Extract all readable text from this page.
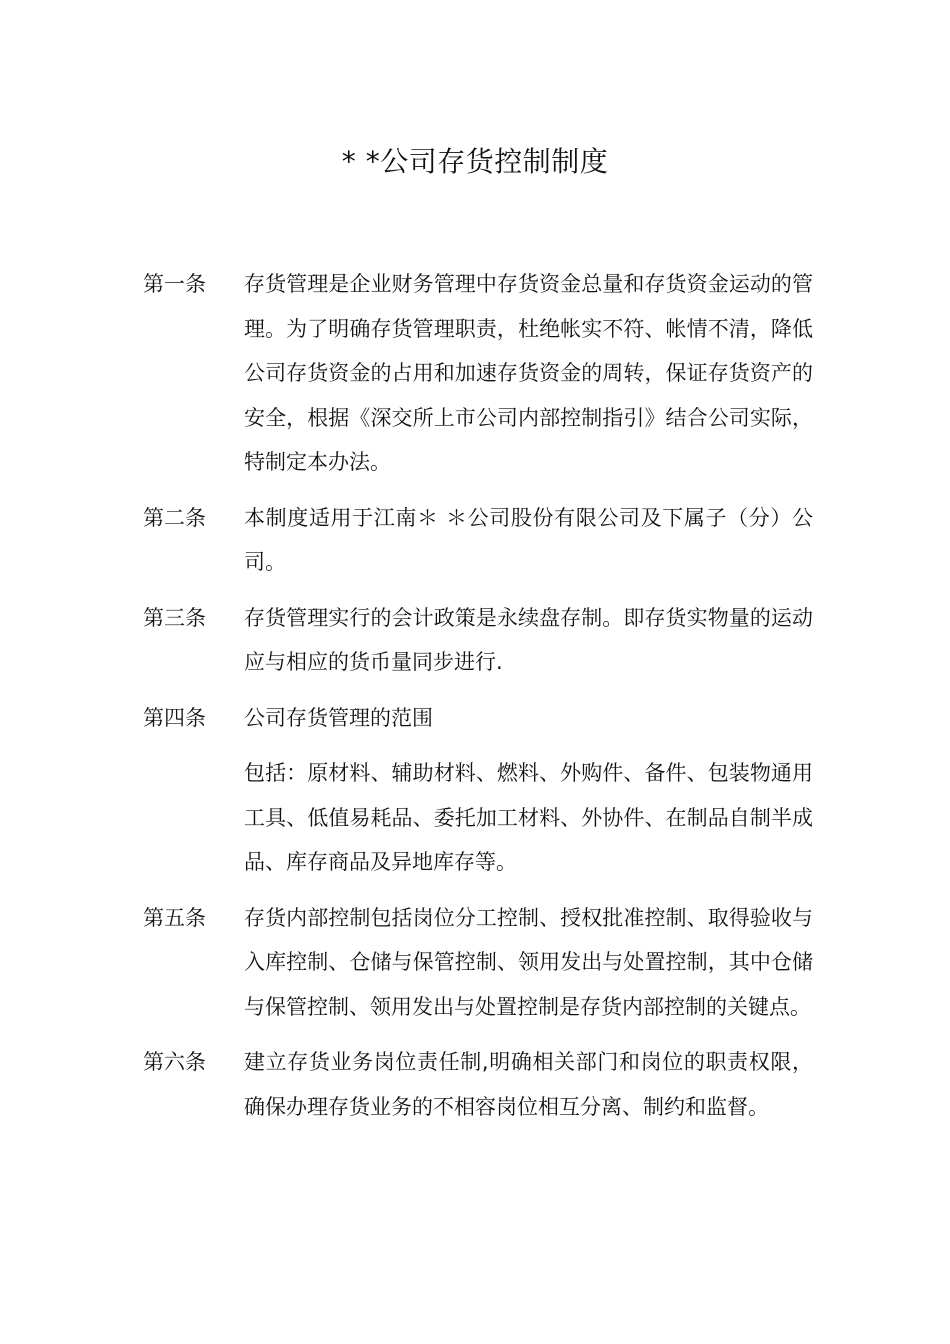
* *公司存货控制制度
第一条	存货管理是企业财务管理中存货资金总量和存货资金运动的管理。为了明确存货管理职责，杜绝帐实不符、帐情不清，降低公司存货资金的占用和加速存货资金的周转，保证存货资产的安全，根据《深交所上市公司内部控制指引》结合公司实际，特制定本办法。

第二条	本制度适用于江南＊ ＊公司股份有限公司及下属子（分）公司。

第三条	存货管理实行的会计政策是永续盘存制。即存货实物量的运动应与相应的货币量同步进行.

第四条	公司存货管理的范围

包括：原材料、辅助材料、燃料、外购件、备件、包装物通用工具、低值易耗品、委托加工材料、外协件、在制品自制半成品、库存商品及异地库存等。

第五条	存货内部控制包括岗位分工控制、授权批准控制、取得验收与入库控制、仓储与保管控制、领用发出与处置控制，其中仓储与保管控制、领用发出与处置控制是存货内部控制的关键点。

第六条	建立存货业务岗位责任制,明确相关部门和岗位的职责权限，确保办理存货业务的不相容岗位相互分离、制约和监督。
